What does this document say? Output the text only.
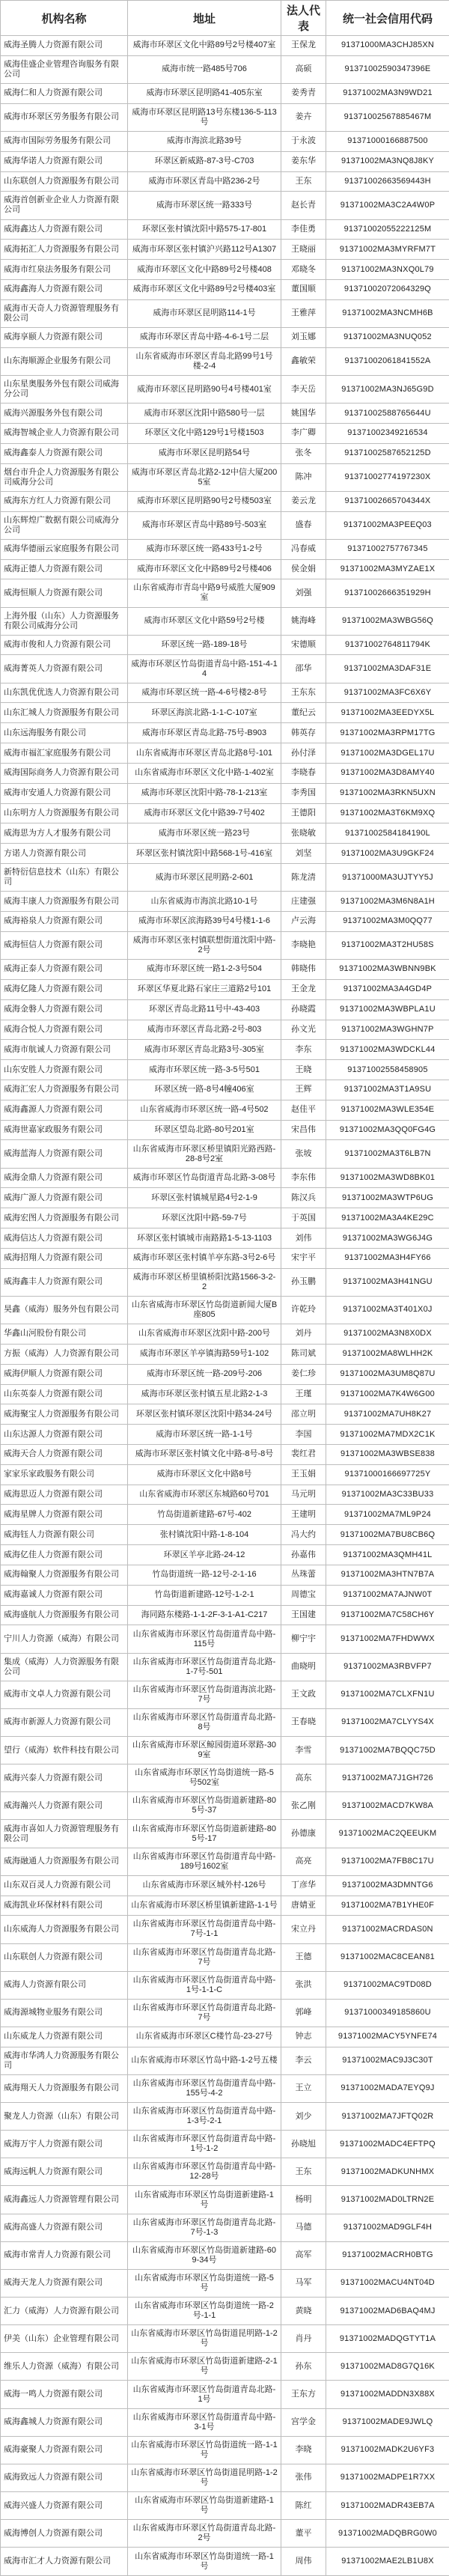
机构名称	地址	法人代表	统一社会信用代码
威海圣腾人力资源有限公司	威海市环翠区文化中路89号2号楼407室	王保龙	91371000MA3CHJ85XN
威海佳盛企业管理咨询服务有限公司	威海市统一路485号706	高硕	91371002590347396E
威海仁和人力资源有限公司	威海市环翠区昆明路41-405东室	姜秀青	91371002MA3N9WD21
威海市环翠区劳务服务有限公司	威海市环翠区昆明路13号东楼136-5-113号	姜卉	91371002567885467M
威海市国际劳务服务有限公司	威海市海滨北路39号	于永波	91371000166887500
威海华诺人力资源有限公司	环翠区新威路-87-3号-C703	姜东华	91371002MA3NQ8J8KY
山东联创人力资源服务有限公司	威海市环翠区青岛中路236-2号	王东	91371002663569443H
威海首创新业企业人力资源有限公司	威海市环翠区统一路333号	赵长青	91371002MA3C2A4W0P
威海鑫达人力资源有限公司	环翠区张村镇沈阳中路575-17-801	李佳勇	91371002055222125M
威海拓汇人力资源服务有限公司	威海市环翠区张村镇沪兴路112号A1307	王晓丽	91371002MA3MYRFM7T
威海市红泉法务服务有限公司	威海市环翠区文化中路89号2号楼408	邓晓冬	91371002MA3NXQ0L79
威海鑫海人力资源有限公司	威海市环翠区文化中路89号2号楼403室	董国顺	91371002072064329Q
威海市天奇人力资源管理服务有限公司	威海市环翠区昆明路114-1号	王雅萍	91371002MA3NCMH6B
威海享颐人力资源有限公司	威海市环翠区青岛中路-4-6-1号二层	刘玉娜	91371002MA3NUQ052
山东海顺源企业服务有限公司	山东省威海市环翠区青岛北路99号1号楼-2-4	鑫敏荣	91371002061841552A
山东星奥服务外包有限公司威海分公司	威海市环翠区昆明路90号4号楼401室	李天岳	91371002MA3NJ65G9D
威海兴源服务外包有限公司	威海市环翠区沈阳中路580号一层	姚国华	91371002588765644U
威海智城企业人力资源有限公司	环翠区文化中路129号1号楼1503	李广卿	91371002349216534
威海鑫泰人力资源有限公司	威海市环翠区昆明路54号	张冬	91371002587652125D
烟台市升企人力资源服务有限公司威海分公司	威海市环翠区青岛北路2-12中信大厦2005室	陈冲	91371002774197230X
威海东方红人力资源有限公司	威海市环翠区昆明路90号2号楼503室	姜云龙	91371002665704344X
山东辉煌广数据有限公司威海分公司	威海市环翠区青岛中路89号-503室	盛春	91371002MA3PEEQ03
威海华德丽云家庭服务有限公司	威海市环翠区统一路433号1-2号	冯春威	91371002757767345
威海正德人力资源有限公司	威海市环翠区文化中路89号2号楼406	侯金娟	91371002MA3MYZAE1X
威海恒顺人力资源有限公司	山东省威海市青岛中路9号威胜大厦909室	刘强	91371002666351929H
上海外服（山东）人力资源服务有限公司威海分公司	威海市环翠区文化中路59号2号楼	姚海峰	91371002MA3WBG56Q
威海市俊和人力资源有限公司	环翠区统一路-189-18号	宋德顺	91371002764811794K
威海菁英人力资源有限公司	威海市环翠区竹岛街道青岛中路-151-4-14	邵华	91371002MA3DAF31E
山东凯优优选人力资源有限公司	威海市环翠区统一路-4-6号楼2-8号	王东东	91371002MA3FC6X6Y
山东汇城人力资源服务有限公司	环翠区海滨北路-1-1-C-107室	董纪云	91371002MA3EEDYX5L
山东远海服务有限公司	威海市环翠区青岛北路-75号-B903	韩英存	91371002MA3RPM17TG
威海市福汇家庭服务有限公司	山东省威海市环翠区青岛北路8号-101	孙付泽	91371002MA3DGEL17U
威海国际商务人力资源有限公司	山东省威海市环翠区文化中路-1-402室	李晓春	91371002MA3D8AMY40
威海市安通人力资源有限公司	威海市环翠区沈阳中路-78-1-213室	李秀国	91371002MA3RKN5UXN
山东明方人力资源服务有限公司	威海市环翠区文化中路39-7号402	王德阳	91371002MA3T6KM9XQ
威海思为方人才服务有限公司	威海市环翠区统一路23号	张晓敏	91371002584184190L
方诺人力资源有限公司	环翠区张村镇沈阳中路568-1号-416室	刘坚	91371002MA3U9GKF24
新特衍信息技术（山东）有限公司	威海市环翠区昆明路-2-601	陈龙清	91371000MA3UJTYY5J
威海丰康人力资源服务有限公司	山东省威海市海滨北路10-1号	庄建强	91371002MA3M6N8A1H
威海裕泉人力资源有限公司	威海市环翠区滨海路39号4号楼1-1-6	卢云海	91371002MA3M0QQ77
威海恒信人力资源有限公司	威海市环翠区张村镇联想街道沈阳中路-2号	李晓艳	91371002MA3T2HU58S
威海正泰人力资源有限公司	威海市环翠区统一路1-2-3号504	韩晓伟	91371002MA3WBNN9BK
威海亿隆人力资源有限公司	环翠区华夏北路石家庄三道路2号101	王金龙	91371002MA3A4GD4P
威海金磐人力资源有限公司	环翠区青岛北路11号中-43-403	孙晓霞	91371002MA3WBPLA1U
威海合悦人力资源有限公司	威海市环翠区青岛北路-2号-803	孙文光	91371002MA3WGHN7P
威海市航诚人力资源有限公司	威海市环翠区青岛北路3号-305室	李东	91371002MA3WDCKL44
山东安胜人力资源有限公司	威海市环翠区统一路-3-5号501	王晓	91371002558458905
威海汇宏人力资源服务有限公司	环翠区统一路-8号4幢406室	王辉	91371002MA3T1A9SU
威海鑫源人力资源有限公司	山东省威海市环翠区统一路-4号502	赵佳平	91371002MA3WLE354E
威海世嘉家政服务有限公司	环翠区望岛北路-80号201室	宋昌伟	91371002MA3QQ0FG4G
威海蓝海人力资源有限公司	山东省威海市环翠区桥里镇阳光路西路-28-8号2室	张坡	91371002MA3T6LB7N
威海金鼎人力资源有限公司	威海市环翠区竹岛街道青岛北路-3-08号	李东伟	91371002MA3WD8BK01
威海广源人力资源有限公司	环翠区张村镇城星路4号2-1-9	陈汉兵	91371002MA3WTP6UG
威海宏图人力资源服务有限公司	环翠区沈阳中路-59-7号	于英国	91371002MA3A4KE29C
威海信达人力资源有限公司	环翠区张村镇城市南路路1-5-13-1103	刘伟	91371002MA3WG6J4G
威海招翔人力资源有限公司	威海市环翠区张村镇羊亭东路-3号2-6号	宋宇平	91371002MA3H4FY66
威海鑫丰人力资源有限公司	威海市环翠区桥里镇桥阳沈路1566-3-2-2	孙玉鹏	91371002MA3H41NGU
昊鑫（威海）服务外包有限公司	山东省威海市环翠区竹岛街道新闻大厦B座805	许乾玲	91371002MA3T401X0J
华鑫山河股份有限公司	山东省威海市环翠区沈阳中路-200号	刘丹	91371002MA3N8X0DX
方振（威海）人力资源有限公司	威海市环翠区羊亭镇海路59号1-102	陈司斌	91371002MA8WLHH2K
威海伊顺人力资源有限公司	威海市环翠区统一路-209号-206	姜仁珍	91371002MA3UM8Q87U
山东英泰人力资源有限公司	威海市环翠区张村镇五星北路2-1-3	王瑾	91371002MA7K4W6G00
威海聚宝人力资源服务有限公司	环翠区张村镇环翠区沈阳中路34-24号	邵立明	91371002MA7UH8K27
山东达源人力资源有限公司	威海市环翠区统一路-1-1号	李国	91371002MA7MDX2C1K
威海天合人力资源有限公司	威海市环翠区张村镇文化中路-8号-8号	裴红君	91371002MA3WBSE838
家家乐家政服务有限公司	威海市环翠区文化中路8号	王玉娟	91371000166697725Y
威海思迈人力资源有限公司	山东省威海市环翠区东城路60号701	马元明	91371002MA3C33BU33
威海星牌人力资源有限公司	竹岛街道新建路-67号-402	王建明	91371002MA7ML9P24
威海钰人力资源有限公司	张村镇沈阳中路-1-8-104	冯大约	91371002MA7BU8CB6Q
威海亿佳人力资源有限公司	环翠区羊亭北路-24-12	孙嘉伟	91371002MA3QMH41L
威海翰聚人力资源服务有限公司	竹岛街道统一路-12号-2-1-16	丛珠蕾	91371002MA3HTN7B7A
威海嘉诚人力资源有限公司	竹岛街道新建路-12号-1-2-1	周德宝	91371002MA7AJNW0T
威海盛航人力资源服务有限公司	海同路东楼路-1-1-2F-3-1-A1-C217	王国建	91371002MA7C58CH6Y
宁川人力资源（威海）有限公司	山东省威海市环翠区竹岛街道青岛中路-115号	柳宁宇	91371002MA7FHDWWX
集成（威海）人力资源服务有限公司	山东省威海市环翠区竹岛街道青岛北路-1-7号-501	曲晓明	91371002MA3RBVFP7
威海市文卓人力资源有限公司	山东省威海市环翠区竹岛街道海滨北路-7号	王文政	91371002MA7CLXFN1U
威海市新源人力资源有限公司	山东省威海市环翠区竹岛街道青岛北路-8号	王春晓	91371002MA7CLYYS4X
望行（威海）软件科技有限公司	山东省威海市环翠区鲸园街道环翠路-309室	李雪	91371002MA7BQQC75D
威海兴泰人力资源有限公司	山东省威海市环翠区竹岛街道统一路-5号502室	高东	91371002MA7J1GH726
威海瀚兴人力资源有限公司	山东省威海市环翠区竹岛街道新建路-805号-37	张乙刚	91371002MACD7KW8A
威海市喜如人力资源管理服务有限公司	山东省威海市环翠区竹岛街道新建路-805号-17	孙德康	91371002MAC2QEEUKM
威海融通人力资源服务有限公司	山东省威海市环翠区竹岛街道青岛中路-189号1602室	高亮	91371002MA7FB8C17U
山东双百灵人力资源有限公司	山东省威海市环翠区城外村-126号	丁彦华	91371002MA3DMNTG6
威海凯业环保材料有限公司	山东省威海市环翠区桥里镇新建路-1-1号	唐婧亚	91371002MA7B1YHE0F
山东威海人力资源服务有限公司	山东省威海市环翠区竹岛街道青岛中路-7号-1-1	宋立丹	91371002MACRDAS0N
山东联创人力资源有限公司	山东省威海市环翠区竹岛街道青岛北路-7号	王德	91371002MAC8CEAN81
威海人力资源有限公司	山东省威海市环翠区竹岛街道青岛中路-1号-1-1-C	张洪	91371002MAC9TD08D
威海源城物业服务有限公司	山东省威海市环翠区竹岛街道青岛北路-7号	郭峰	91371000349185860U
山东威龙人力资源有限公司	山东省威海市环翠区C楼竹岛-23-27号	钟志	91371002MACY5YNFE74
威海市华鸿人力资源服务有限公司	山东省威海市环翠区竹岛中路-1-2号五楼	李云	91371002MAC9J3C30T
威海翔天人力资源服务有限公司	山东省威海市环翠区竹岛街道青岛中路-155号-4-2	王立	91371002MADA7EYQ9J
聚龙人力资源（山东）有限公司	山东省威海市环翠区竹岛街道青岛中路-1-3号-2-1	刘少	91371002MA7JFTQ02R
威海万宇人力资源有限公司	山东省威海市环翠区竹岛街道青岛中路-1号-1-2	孙晓旭	91371002MADC4EFTPQ
威海远帆人力资源有限公司	山东省威海市环翠区竹岛街道青岛中路-12-28号	王东	91371002MADKUNHMX
威海鑫远人力资源管理有限公司	山东省威海市环翠区竹岛街道新建路-1号	杨明	91371002MAD0LTRN2E
威海高盛人力资源有限公司	山东省威海市环翠区竹岛街道青岛北路-7号-1-3	马德	91371002MAD9GLF4H
威海市常青人力资源有限公司	山东省威海市环翠区竹岛街道新建路-609-34号	高军	91371002MACRH0BTG
威海天龙人力资源有限公司	山东省威海市环翠区竹岛街道统一路-5号	马军	91371002MACU4NT04D
汇力（威海）人力资源有限公司	山东省威海市环翠区竹岛街道统一路-2号-1-1	黄晓	91371002MAD6BAQ4MJ
伊美（山东）企业管理有限公司	山东省威海市环翠区竹岛街道昆明路-1-2号	肖丹	91371002MADQGTYT1A
维乐人力资源（威海）有限公司	山东省威海市环翠区竹岛街道新建路-2-1号	孙东	91371002MAD8G7Q16K
威海一鸣人力资源有限公司	山东省威海市环翠区竹岛街道青岛北路-1号	王东方	91371002MADDN3X88X
威海鑫城人力资源有限公司	山东省威海市环翠区竹岛街道青岛中路-3-1号	宫学金	91371002MADE9JWLQ
威海豪聚人力资源有限公司	山东省威海市环翠区竹岛街道统一路-1-1号	李晓	91371002MADK2U6YF3
威海致远人力资源有限公司	山东省威海市环翠区竹岛街道昆明路-1-2号	张伟	91371002MADPE1R7XX
威海兴盛人力资源有限公司	山东省威海市环翠区竹岛街道新建路-1号	陈红	91371002MADR43EB7A
威海博创人力资源有限公司	山东省威海市环翠区竹岛街道青岛北路-2号	董平	91371002MADQBRG0W0
威海市汇才人力资源有限公司	山东省威海市环翠区竹岛街道统一路-1号	周伟	91371002MAE2LB1U8X
